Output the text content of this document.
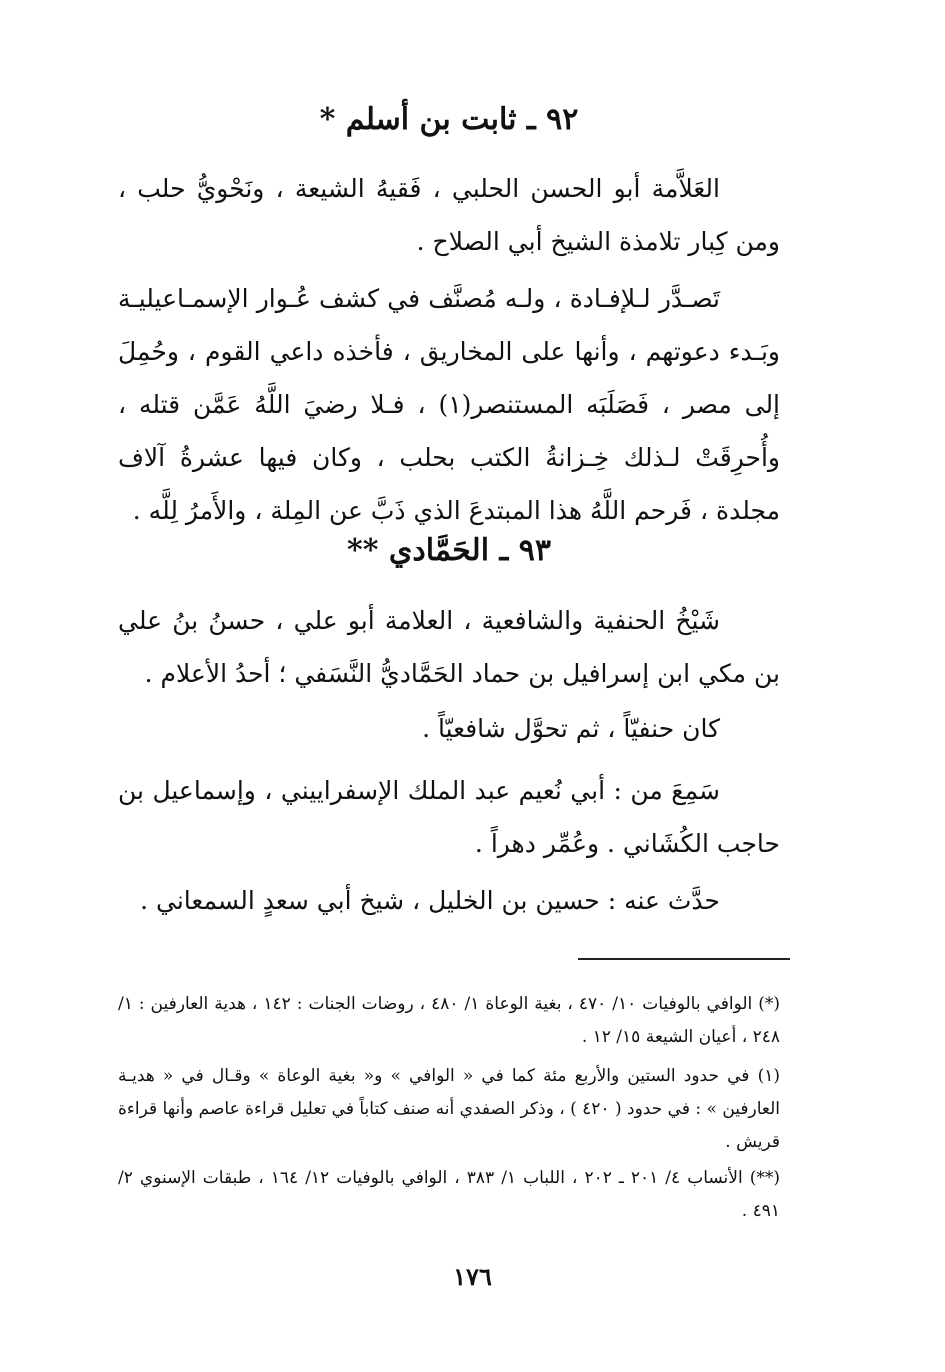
٩٢ ـ ثابت بن أسلم *
العَلاَّمة أبو الحسن الحلبي ، فَقيهُ الشيعة ، ونَحْويُّ حلب ، ومن كِبار تلامذة الشيخ أبي الصلاح .
تَصـدَّر لـلإفـادة ، ولـه مُصنَّف في كشف عُـوار الإسمـاعيليـة وبَـدء دعوتهم ، وأنها على المخاريق ، فأخذه داعي القوم ، وحُمِلَ إلى مصر ، فَصَلَبَه المستنصر(١) ، فـلا رضيَ اللَّهُ عَمَّن قتله ، وأُحرِقَتْ لـذلك خِـزانةُ الكتب بحلب ، وكان فيها عشرةُ آلاف مجلدة ، فَرحم اللَّهُ هذا المبتدعَ الذي ذَبَّ عن المِلة ، والأَمرُ لِلَّه .
٩٣ ـ الحَمَّادي **
شَيْخُ الحنفية والشافعية ، العلامة أبو علي ، حسنُ بنُ علي بن مكي ابن إسرافيل بن حماد الحَمَّاديُّ النَّسَفي ؛ أحدُ الأعلام .
كان حنفيّاً ، ثم تحوَّل شافعيّاً .
سَمِعَ من : أبي نُعيم عبد الملك الإسفراييني ، وإسماعيل بن حاجب الكُشَاني . وعُمِّر دهراً .
حدَّث عنه : حسين بن الخليل ، شيخ أبي سعدٍ السمعاني .
(*) الوافي بالوفيات ١٠/ ٤٧٠ ، بغية الوعاة ١/ ٤٨٠ ، روضات الجنات : ١٤٢ ، هدية العارفين : ١/ ٢٤٨ ، أعيان الشيعة ١٥/ ١٢ .
(١) في حدود الستين والأربع مئة كما في « الوافي » و« بغية الوعاة » وقـال في « هديـة العارفين » : في حدود ( ٤٢٠ ) ، وذكر الصفدي أنه صنف كتاباً في تعليل قراءة عاصم وأنها قراءة قريش .
(**) الأنساب ٤/ ٢٠١ ـ ٢٠٢ ، اللباب ١/ ٣٨٣ ، الوافي بالوفيات ١٢/ ١٦٤ ، طبقات الإسنوي ٢/ ٤٩١ .
١٧٦
